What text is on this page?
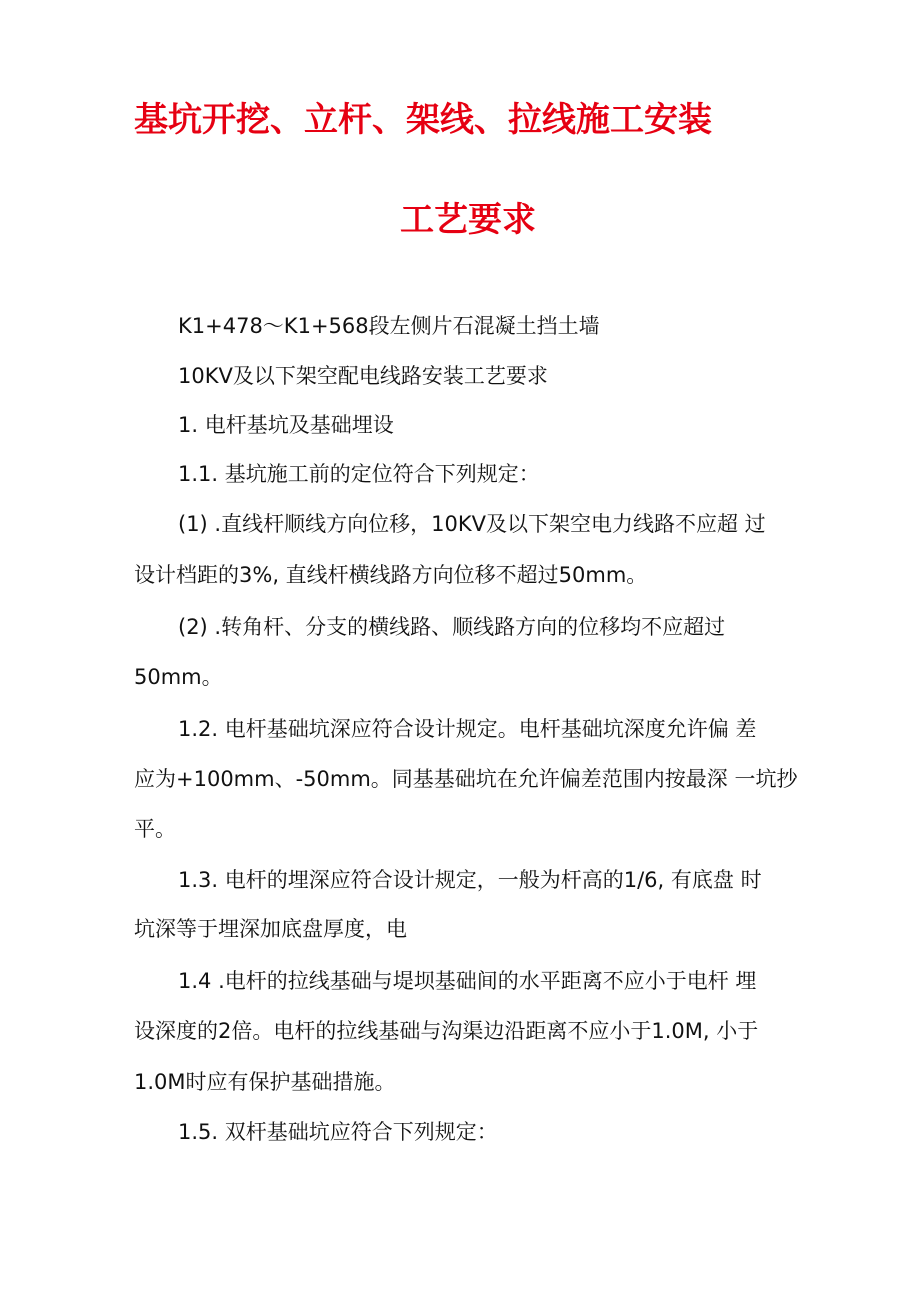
基坑开挖、立杆、架线、拉线施工安装
工艺要求

K1+478〜K1+568段左侧片石混凝土挡土墙

10KV及以下架空配电线路安装工艺要求

1. 电杆基坑及基础埋设

1.1. 基坑施工前的定位符合下列规定：

(1) .直线杆顺线方向位移，10KV及以下架空电力线路不应超 过

设计档距的3%, 直线杆横线路方向位移不超过50mm。

(2) .转角杆、分支的横线路、顺线路方向的位移均不应超过

50mm。

1.2. 电杆基础坑深应符合设计规定。电杆基础坑深度允许偏 差

应为+100mm、-50mm。同基基础坑在允许偏差范围内按最深 一坑抄

平。

1.3. 电杆的埋深应符合设计规定，一般为杆高的1/6, 有底盘 时

坑深等于埋深加底盘厚度，电

1.4 .电杆的拉线基础与堤坝基础间的水平距离不应小于电杆 埋

设深度的2倍。电杆的拉线基础与沟渠边沿距离不应小于1.0M, 小于

1.0M时应有保护基础措施。

1.5. 双杆基础坑应符合下列规定：
